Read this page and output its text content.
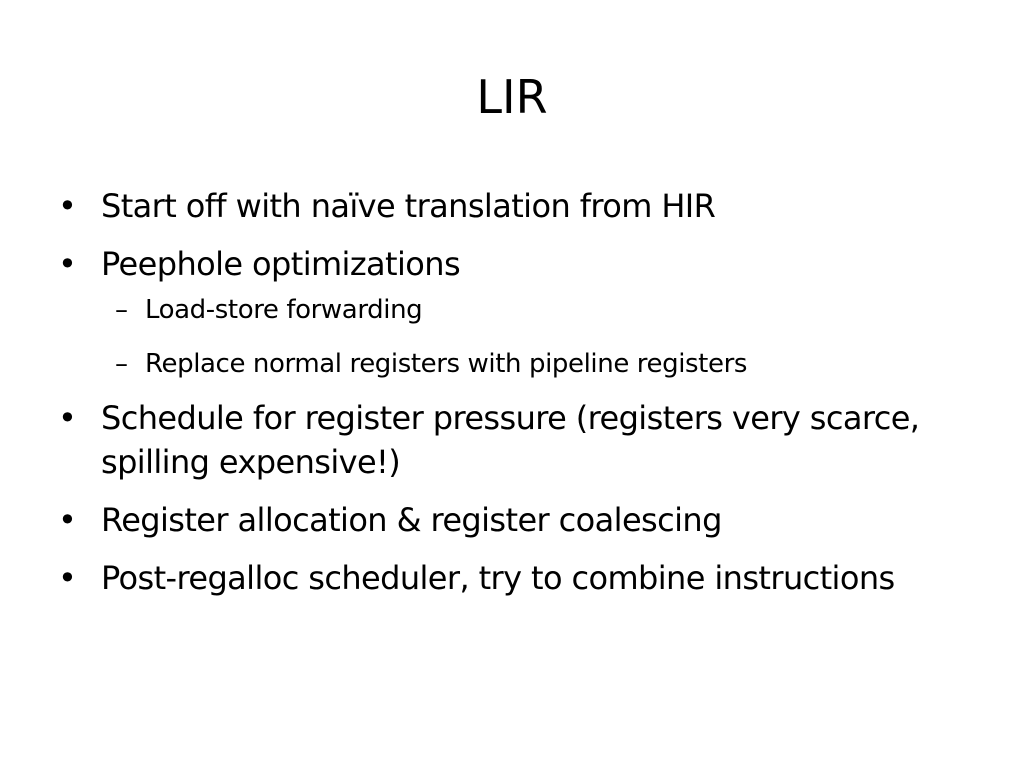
LIR
• Start off with naïve translation from HIR
• Peephole optimizations
– Load-store forwarding
– Replace normal registers with pipeline registers
• Schedule for register pressure (registers very scarce, spilling expensive!)
• Register allocation & register coalescing
• Post-regalloc scheduler, try to combine instructions
